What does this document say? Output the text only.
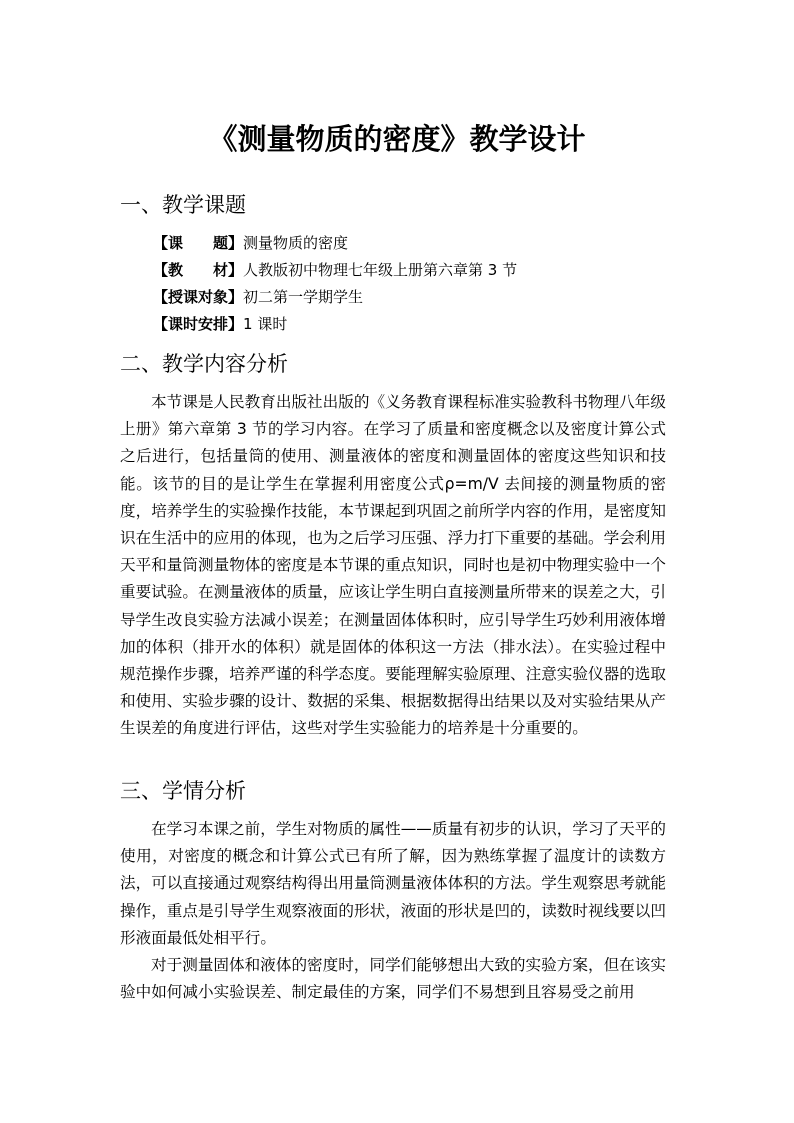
《测量物质的密度》教学设计
一、教学课题
【课　　题】测量物质的密度
【教　　材】人教版初中物理七年级上册第六章第 3 节
【授课对象】初二第一学期学生
【课时安排】1 课时
二、教学内容分析

本节课是人民教育出版社出版的《义务教育课程标准实验教科书物理八年级上册》第六章第 3 节的学习内容。在学习了质量和密度概念以及密度计算公式之后进行，包括量筒的使用、测量液体的密度和测量固体的密度这些知识和技能。该节的目的是让学生在掌握利用密度公式ρ=m/V 去间接的测量物质的密度，培养学生的实验操作技能，本节课起到巩固之前所学内容的作用，是密度知识在生活中的应用的体现，也为之后学习压强、浮力打下重要的基础。学会利用天平和量筒测量物体的密度是本节课的重点知识，同时也是初中物理实验中一个重要试验。在测量液体的质量，应该让学生明白直接测量所带来的误差之大，引导学生改良实验方法减小误差；在测量固体体积时，应引导学生巧妙利用液体增加的体积（排开水的体积）就是固体的体积这一方法（排水法）。在实验过程中规范操作步骤，培养严谨的科学态度。要能理解实验原理、注意实验仪器的选取和使用、实验步骤的设计、数据的采集、根据数据得出结果以及对实验结果从产生误差的角度进行评估，这些对学生实验能力的培养是十分重要的。

三、学情分析

在学习本课之前，学生对物质的属性——质量有初步的认识，学习了天平的使用，对密度的概念和计算公式已有所了解，因为熟练掌握了温度计的读数方法，可以直接通过观察结构得出用量筒测量液体体积的方法。学生观察思考就能操作，重点是引导学生观察液面的形状，液面的形状是凹的，读数时视线要以凹形液面最低处相平行。

对于测量固体和液体的密度时，同学们能够想出大致的实验方案，但在该实验中如何减小实验误差、制定最佳的方案，同学们不易想到且容易受之前用
